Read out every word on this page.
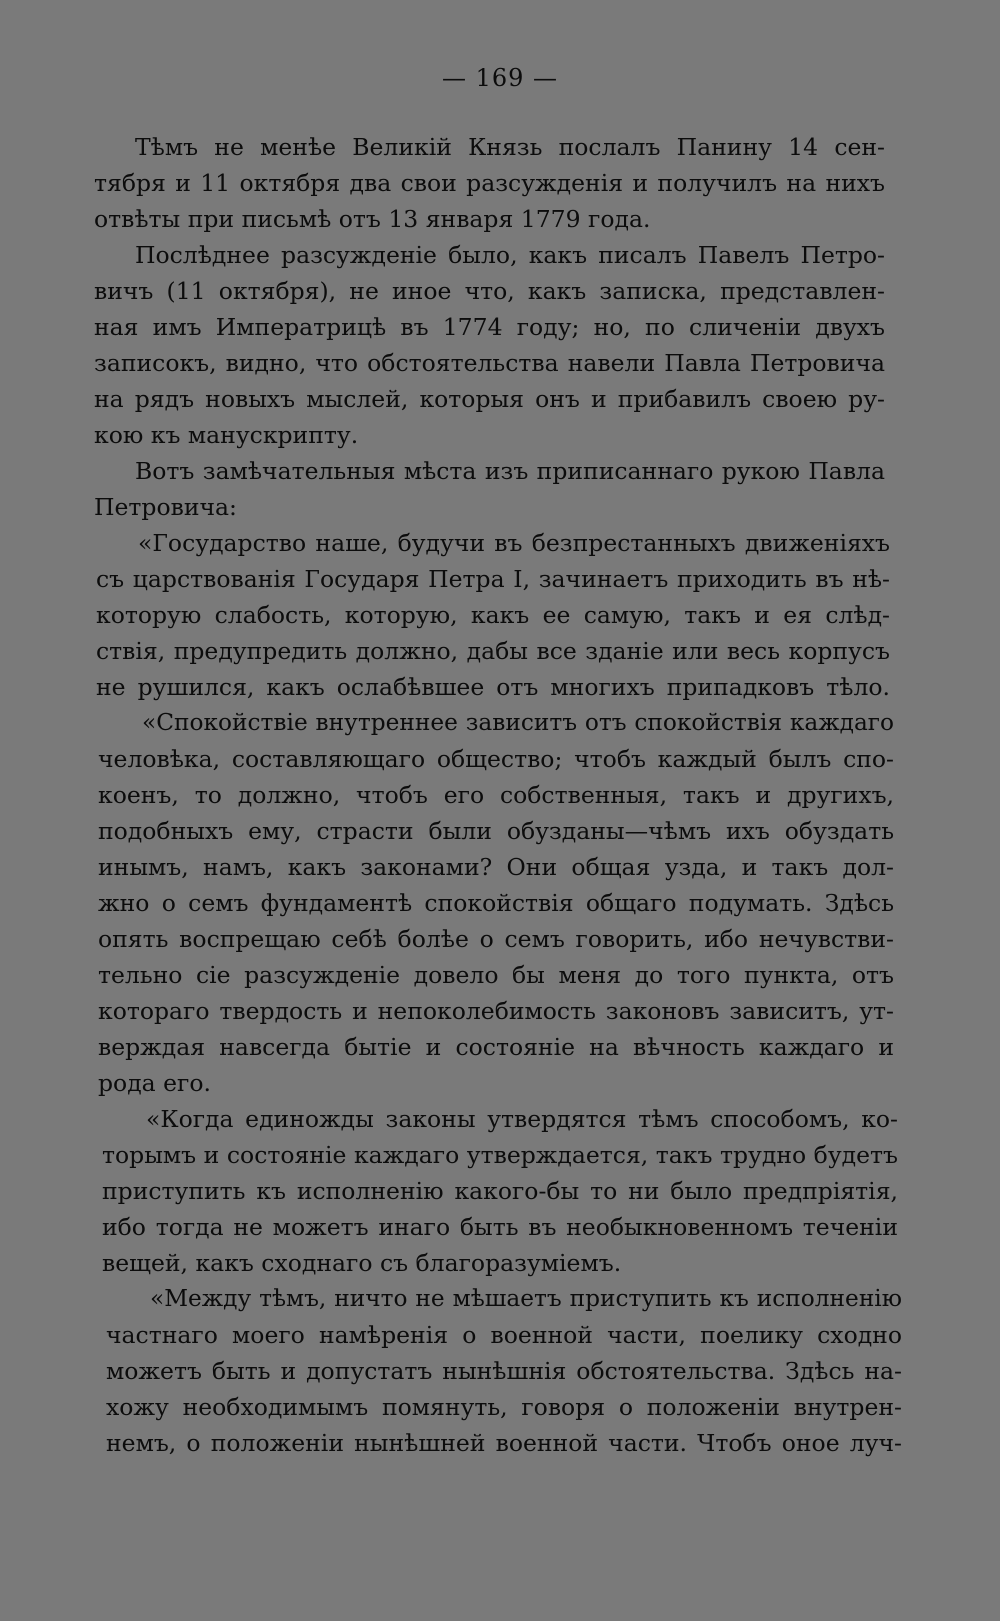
— 169 —
Тѣмъ не менѣе Великій Князь послалъ Панину 14 сен-
тября и 11 октября два свои разсужденія и получилъ на нихъ
отвѣты при письмѣ отъ 13 января 1779 года.
Послѣднее разсужденіе было, какъ писалъ Павелъ Петро-
вичъ (11 октября), не иное что, какъ записка, представлен-
ная имъ Императрицѣ въ 1774 году; но, по сличеніи двухъ
записокъ, видно, что обстоятельства навели Павла Петровича
на рядъ новыхъ мыслей, которыя онъ и прибавилъ своею ру-
кою къ манускрипту.
Вотъ замѣчательныя мѣста изъ приписаннаго рукою Павла
Петровича:
«Государство наше, будучи въ безпрестанныхъ движеніяхъ
съ царствованія Государя Петра I, зачинаетъ приходить въ нѣ-
которую слабость, которую, какъ ее самую, такъ и ея слѣд-
ствія, предупредить должно, дабы все зданіе или весь корпусъ
не рушился, какъ ослабѣвшее отъ многихъ припадковъ тѣло.
«Спокойствіе внутреннее зависитъ отъ спокойствія каждаго
человѣка, составляющаго общество; чтобъ каждый былъ спо-
коенъ, то должно, чтобъ его собственныя, такъ и другихъ,
подобныхъ ему, страсти были обузданы—чѣмъ ихъ обуздать
инымъ, намъ, какъ законами? Они общая узда, и такъ дол-
жно о семъ фундаментѣ спокойствія общаго подумать. Здѣсь
опять воспрещаю себѣ болѣе о семъ говорить, ибо нечувстви-
тельно сіе разсужденіе довело бы меня до того пункта, отъ
котораго твердость и непоколебимость законовъ зависитъ, ут-
верждая навсегда бытіе и состояніе на вѣчность каждаго и
рода его.
«Когда единожды законы утвердятся тѣмъ способомъ, ко-
торымъ и состояніе каждаго утверждается, такъ трудно будетъ
приступить къ исполненію какого-бы то ни было предпріятія,
ибо тогда не можетъ инаго быть въ необыкновенномъ теченіи
вещей, какъ сходнаго съ благоразуміемъ.
«Между тѣмъ, ничто не мѣшаетъ приступить къ исполненію
частнаго моего намѣренія о военной части, поелику сходно
можетъ быть и допустатъ нынѣшнія обстоятельства. Здѣсь на-
хожу необходимымъ помянуть, говоря о положеніи внутрен-
немъ, о положеніи нынѣшней военной части. Чтобъ оное луч-
